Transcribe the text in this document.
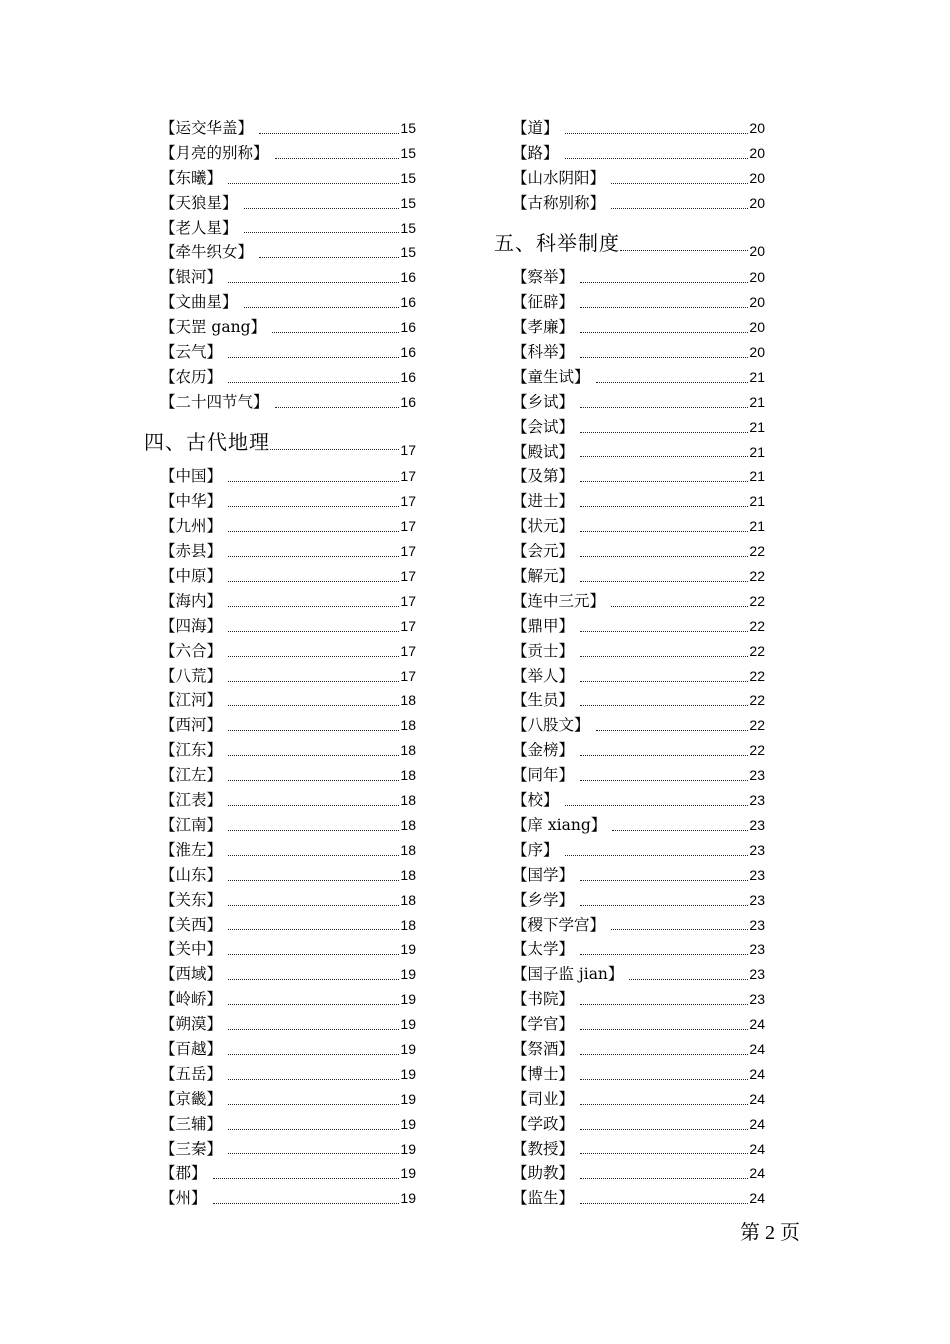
【运交华盖】	15
【月亮的别称】	15
【东曦】	15
【天狼星】	15
【老人星】	15
【牵牛织女】	15
【银河】	16
【文曲星】	16
【天罡 gang】	16
【云气】	16
【农历】	16
【二十四节气】	16
四、古代地理	17
【中国】	17
【中华】	17
【九州】	17
【赤县】	17
【中原】	17
【海内】	17
【四海】	17
【六合】	17
【八荒】	17
【江河】	18
【西河】	18
【江东】	18
【江左】	18
【江表】	18
【江南】	18
【淮左】	18
【山东】	18
【关东】	18
【关西】	18
【关中】	19
【西域】	19
【岭峤】	19
【朔漠】	19
【百越】	19
【五岳】	19
【京畿】	19
【三辅】	19
【三秦】	19
【郡】	19
【州】	19
【道】	20
【路】	20
【山水阴阳】	20
【古称别称】	20
五、科举制度	20
【察举】	20
【征辟】	20
【孝廉】	20
【科举】	20
【童生试】	21
【乡试】	21
【会试】	21
【殿试】	21
【及第】	21
【进士】	21
【状元】	21
【会元】	22
【解元】	22
【连中三元】	22
【鼎甲】	22
【贡士】	22
【举人】	22
【生员】	22
【八股文】	22
【金榜】	22
【同年】	23
【校】	23
【庠 xiang】	23
【序】	23
【国学】	23
【乡学】	23
【稷下学宫】	23
【太学】	23
【国子监 jian】	23
【书院】	23
【学官】	24
【祭酒】	24
【博士】	24
【司业】	24
【学政】	24
【教授】	24
【助教】	24
【监生】	24
第 2 页
